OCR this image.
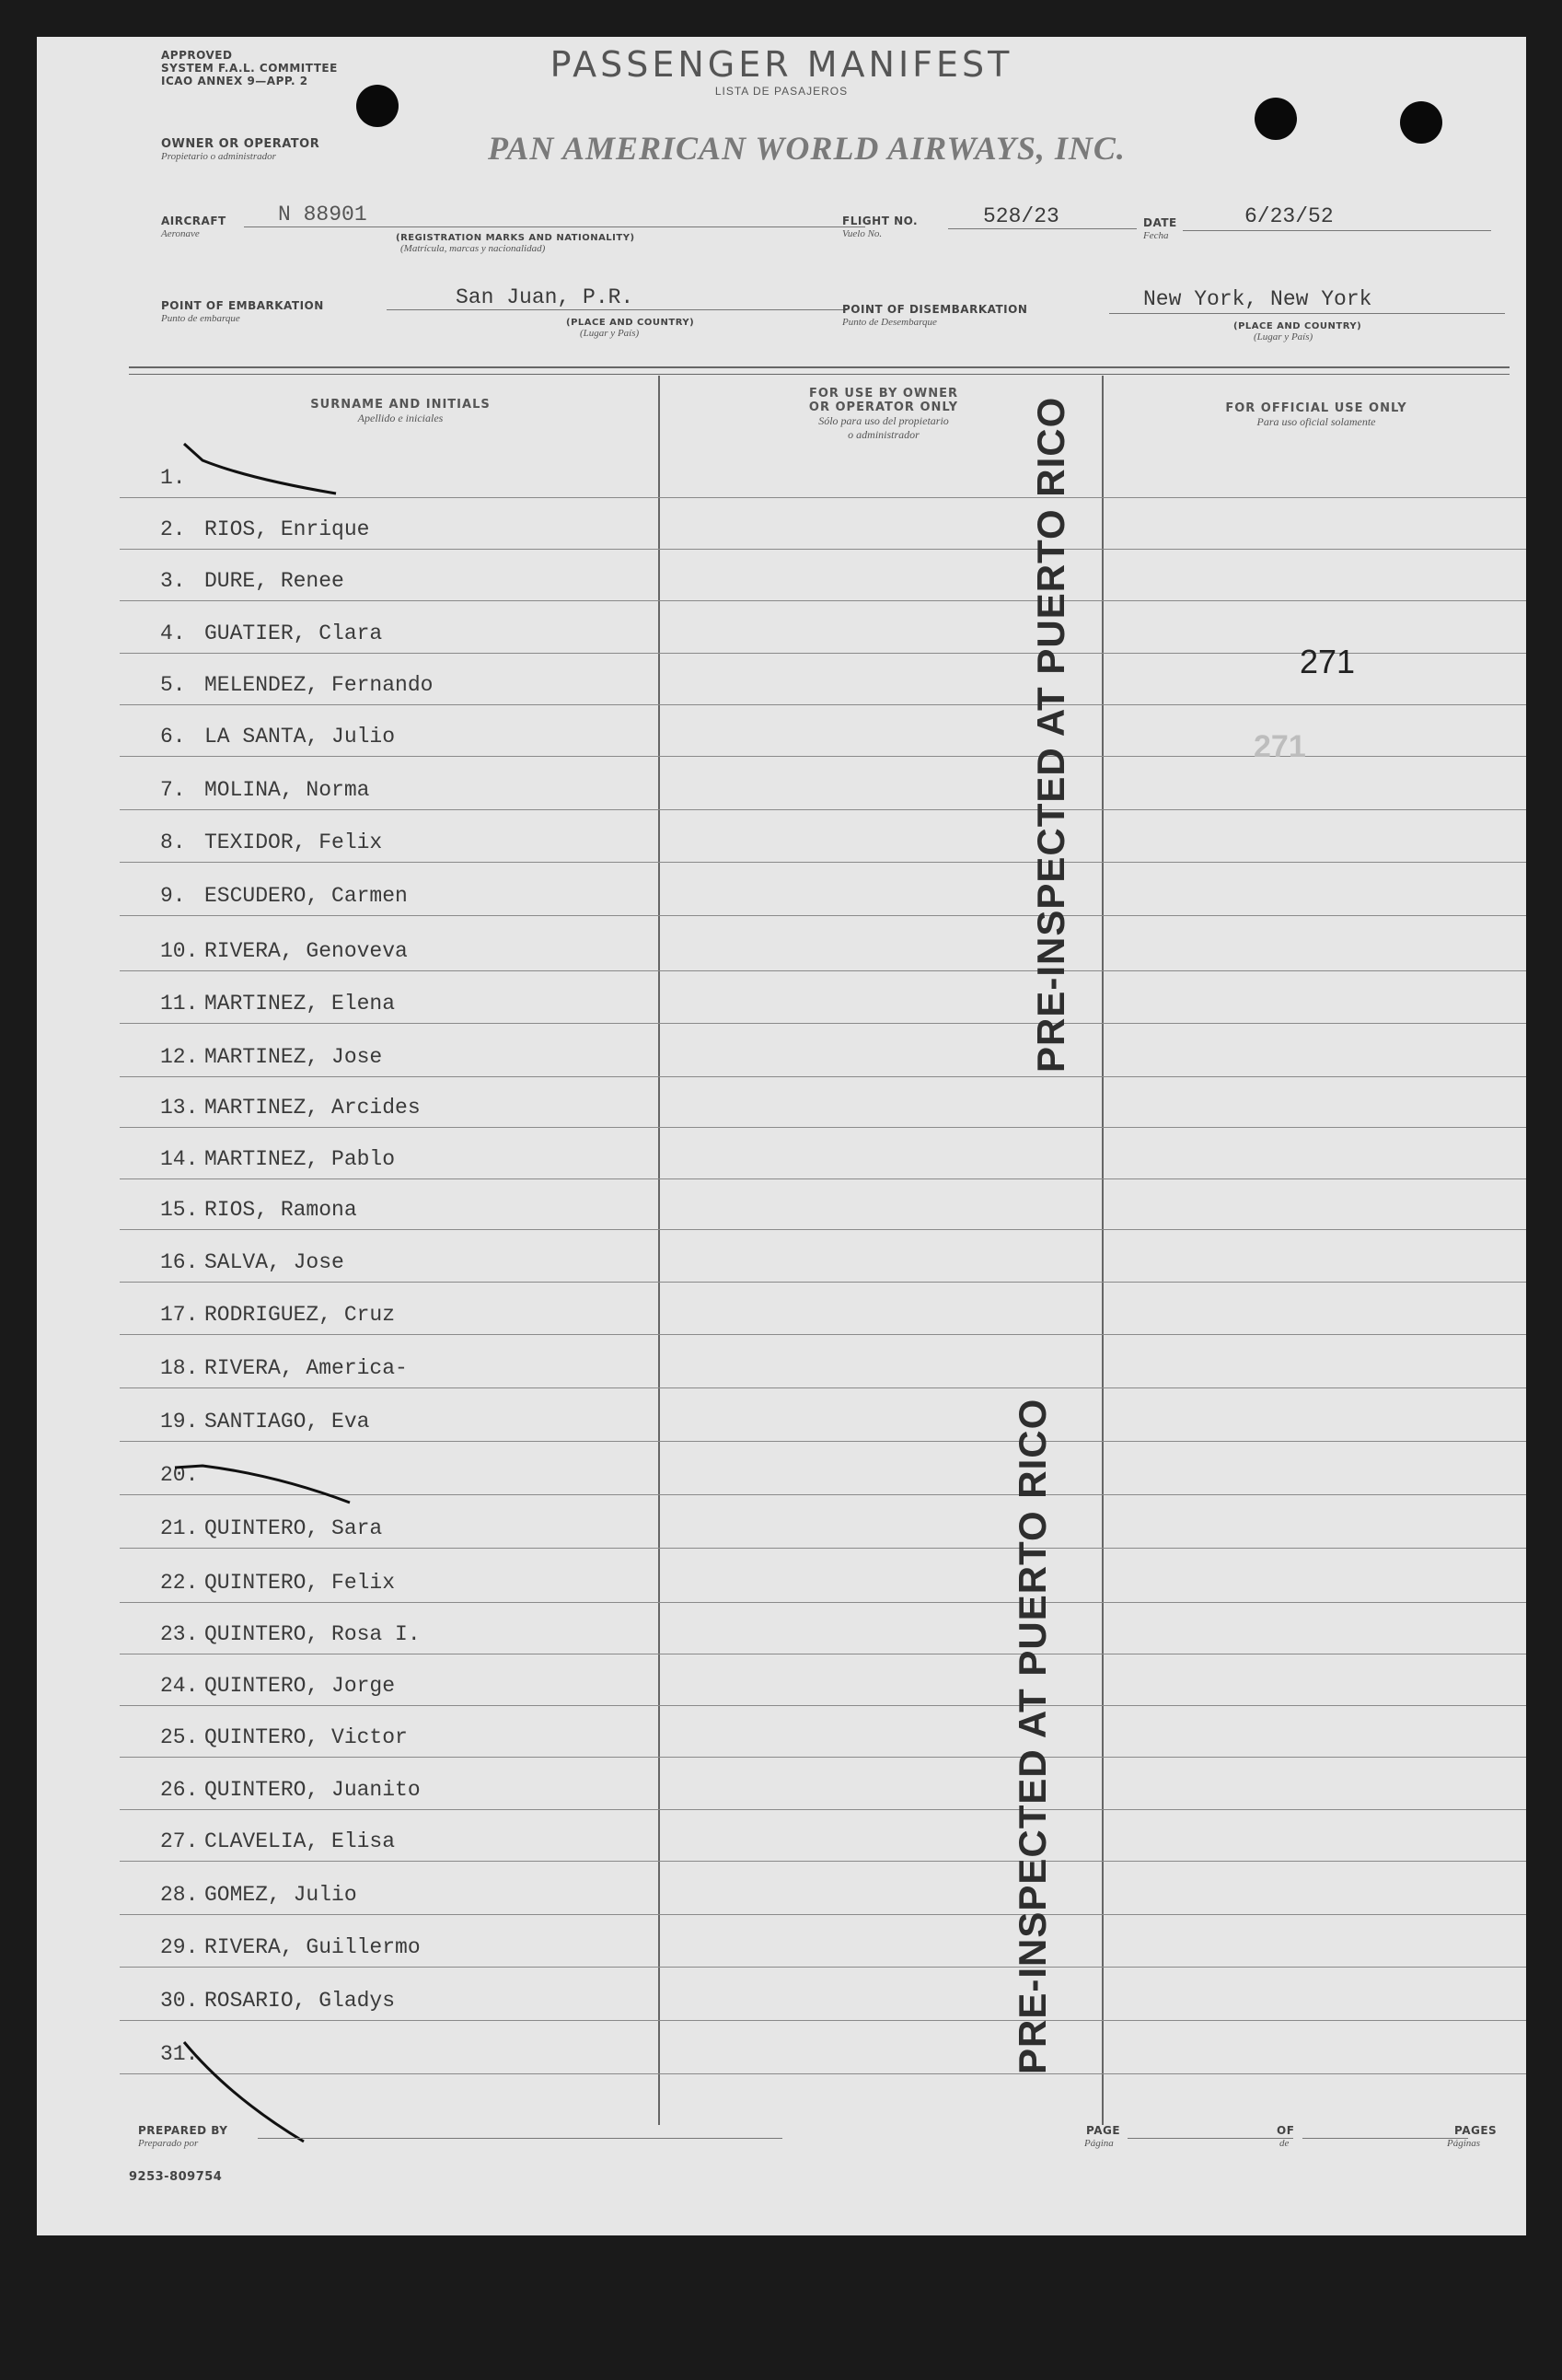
APPROVED
SYSTEM F.A.L. COMMITTEE
ICAO ANNEX 9—APP. 2	PASSENGER MANIFEST
LISTA DE PASAJEROS
OWNER OR OPERATOR
Propietario o administrador	PAN AMERICAN WORLD AIRWAYS, INC.
AIRCRAFT
Aeronave
N 88901
(REGISTRATION MARKS AND NATIONALITY)
(Matrícula, marcas y nacionalidad)
FLIGHT NO.
Vuelo No.
528/23	DATE
Fecha
6/23/52
POINT OF EMBARKATION
Punto de embarque
San Juan, P.R.
(PLACE AND COUNTRY)
(Lugar y País)
POINT OF DISEMBARKATION
Punto de Desembarque
New York, New York
(PLACE AND COUNTRY)
(Lugar y País)
SURNAME AND INITIALS
Apellido e iniciales
FOR USE BY OWNER
OR OPERATOR ONLY
Sólo para uso del propietario
o administrador
FOR OFFICIAL USE ONLY
Para uso oficial solamente
1.
2. RIOS, Enrique
3. DURE, Renee
4. GUATIER, Clara
5. MELENDEZ, Fernando
6. LA SANTA, Julio
7. MOLINA, Norma
8. TEXIDOR, Felix
9. ESCUDERO, Carmen
10. RIVERA, Genoveva
11. MARTINEZ, Elena
12. MARTINEZ, Jose
13. MARTINEZ, Arcides
14. MARTINEZ, Pablo
15. RIOS, Ramona
16. SALVA, Jose
17. RODRIGUEZ, Cruz
18. RIVERA, America-
19. SANTIAGO, Eva
20.
21. QUINTERO, Sara
22. QUINTERO, Felix
23. QUINTERO, Rosa I.
24. QUINTERO, Jorge
25. QUINTERO, Victor
26. QUINTERO, Juanito
27. CLAVELIA, Elisa
28. GOMEZ, Julio
29. RIVERA, Guillermo
30. ROSARIO, Gladys
31.
PRE-INSPECTED AT PUERTO RICO
PRE-INSPECTED AT PUERTO RICO
271
271
PREPARED BY
Preparado por
PAGE
Página
OF
de
PAGES
Páginas
9253-809754
